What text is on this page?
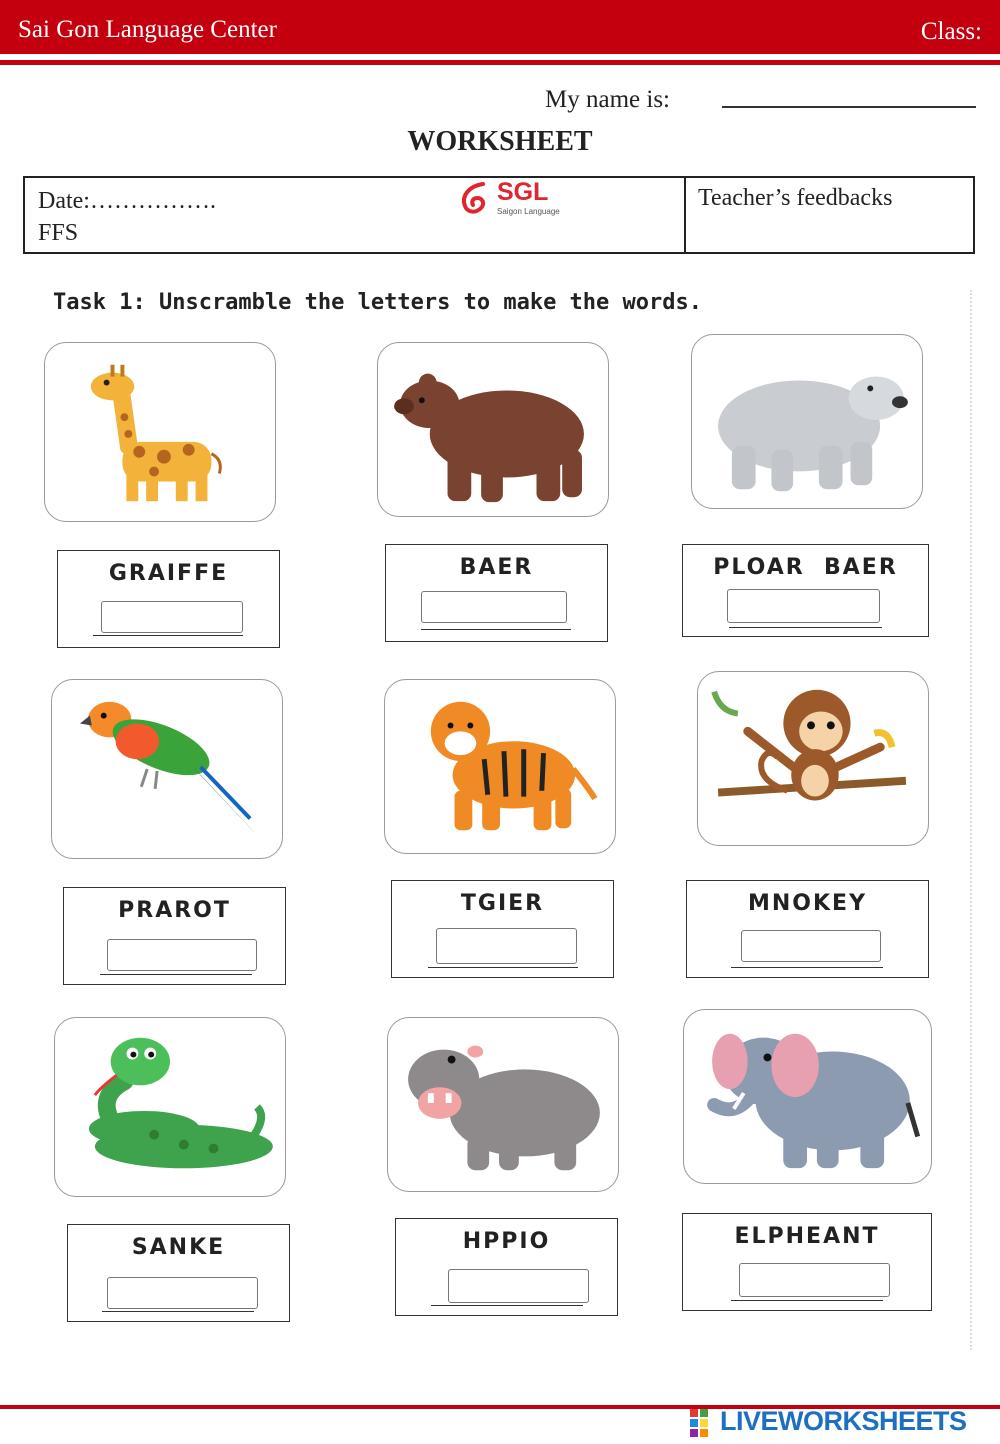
Sai Gon Language Center	Class:
My name is:
WORKSHEET
Date:…………….
FFS
SGL
Saigon Language
Teacher’s feedbacks
Task 1: Unscramble the letters to make the words.
GRAIFFE	BAER	PLOAR  BAER
PRAROT	TGIER	MNOKEY
SANKE	HPPIO	ELPHEANT
LIVEWORKSHEETS
